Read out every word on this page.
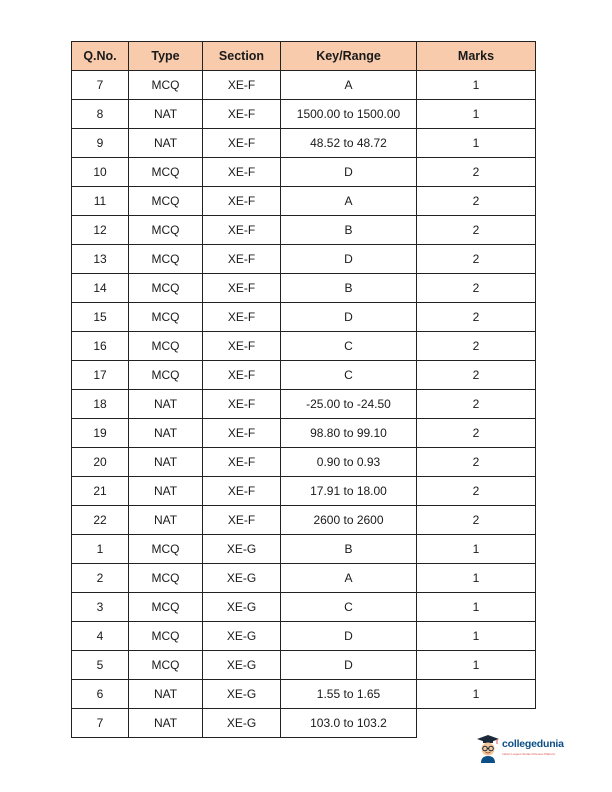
Q.No.	Type	Section	Key/Range	Marks
7	MCQ	XE-F	A	1
8	NAT	XE-F	1500.00 to 1500.00	1
9	NAT	XE-F	48.52 to 48.72	1
10	MCQ	XE-F	D	2
11	MCQ	XE-F	A	2
12	MCQ	XE-F	B	2
13	MCQ	XE-F	D	2
14	MCQ	XE-F	B	2
15	MCQ	XE-F	D	2
16	MCQ	XE-F	C	2
17	MCQ	XE-F	C	2
18	NAT	XE-F	-25.00 to -24.50	2
19	NAT	XE-F	98.80 to 99.10	2
20	NAT	XE-F	0.90 to 0.93	2
21	NAT	XE-F	17.91 to 18.00	2
22	NAT	XE-F	2600 to 2600	2
1	MCQ	XE-G	B	1
2	MCQ	XE-G	A	1
3	MCQ	XE-G	C	1
4	MCQ	XE-G	D	1
5	MCQ	XE-G	D	1
6	NAT	XE-G	1.55 to 1.65	1
7	NAT	XE-G	103.0 to 103.2	
collegedunia
India's Largest Student Review Platform
